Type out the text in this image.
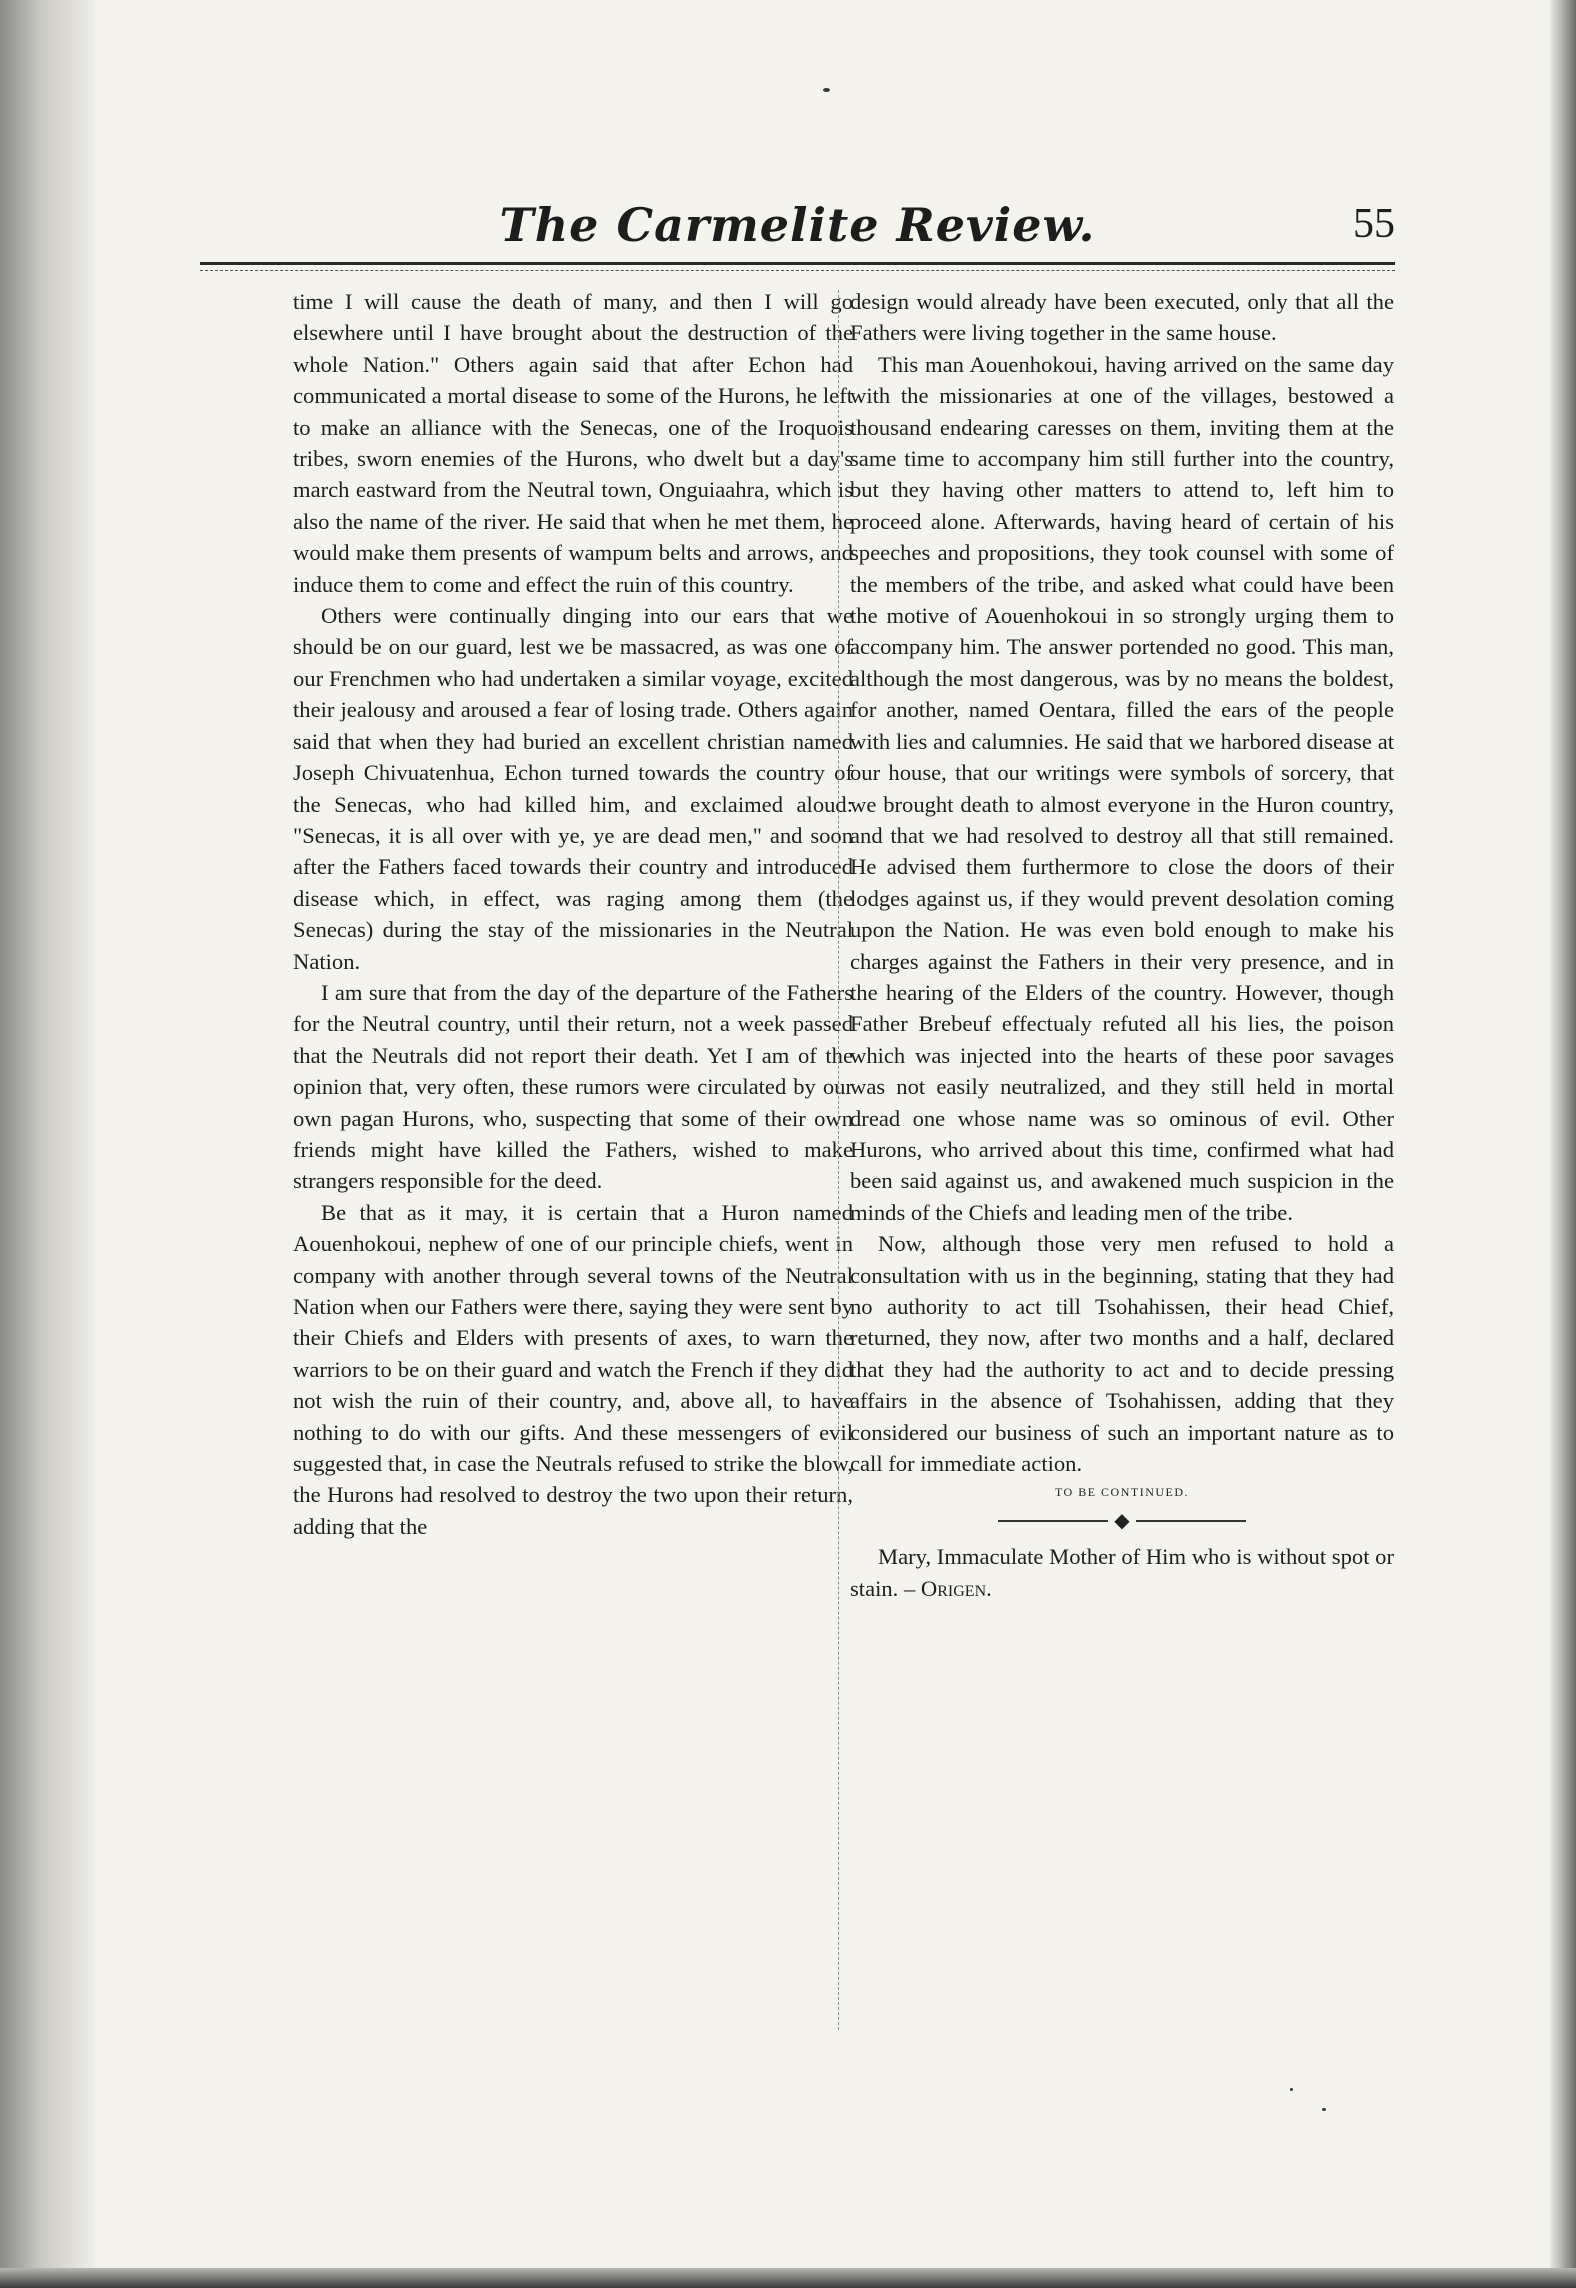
The Carmelite Review.	55

time I will cause the death of many, and then I will go elsewhere until I have brought about the destruction of the whole Nation." Others again said that after Echon had communicated a mortal disease to some of the Hurons, he left to make an alliance with the Senecas, one of the Iroquois tribes, sworn enemies of the Hurons, who dwelt but a day's march eastward from the Neutral town, Onguiaahra, which is also the name of the river. He said that when he met them, he would make them presents of wampum belts and arrows, and induce them to come and effect the ruin of this country.

Others were continually dinging into our ears that we should be on our guard, lest we be massacred, as was one of our Frenchmen who had undertaken a similar voyage, excited their jealousy and aroused a fear of losing trade. Others again said that when they had buried an excellent christian named Joseph Chivuatenhua, Echon turned towards the country of the Senecas, who had killed him, and exclaimed aloud: "Senecas, it is all over with ye, ye are dead men," and soon after the Fathers faced towards their country and introduced disease which, in effect, was raging among them (the Senecas) during the stay of the missionaries in the Neutral Nation.

I am sure that from the day of the departure of the Fathers for the Neutral country, until their return, not a week passed that the Neutrals did not report their death. Yet I am of the opinion that, very often, these rumors were circulated by our own pagan Hurons, who, suspecting that some of their own friends might have killed the Fathers, wished to make strangers responsible for the deed.

Be that as it may, it is certain that a Huron named Aouenhokoui, nephew of one of our principle chiefs, went in company with another through several towns of the Neutral Nation when our Fathers were there, saying they were sent by their Chiefs and Elders with presents of axes, to warn the warriors to be on their guard and watch the French if they did not wish the ruin of their country, and, above all, to have nothing to do with our gifts. And these messengers of evil suggested that, in case the Neutrals refused to strike the blow, the Hurons had resolved to destroy the two upon their return, adding that the

design would already have been executed, only that all the Fathers were living together in the same house.

This man Aouenhokoui, having arrived on the same day with the missionaries at one of the villages, bestowed a thousand endearing caresses on them, inviting them at the same time to accompany him still further into the country, but they having other matters to attend to, left him to proceed alone. Afterwards, having heard of certain of his speeches and propositions, they took counsel with some of the members of the tribe, and asked what could have been the motive of Aouenhokoui in so strongly urging them to accompany him. The answer portended no good. This man, although the most dangerous, was by no means the boldest, for another, named Oentara, filled the ears of the people with lies and calumnies. He said that we harbored disease at our house, that our writings were symbols of sorcery, that we brought death to almost everyone in the Huron country, and that we had resolved to destroy all that still remained. He advised them furthermore to close the doors of their lodges against us, if they would prevent desolation coming upon the Nation. He was even bold enough to make his charges against the Fathers in their very presence, and in the hearing of the Elders of the country. However, though Father Brebeuf effectualy refuted all his lies, the poison which was injected into the hearts of these poor savages was not easily neutralized, and they still held in mortal dread one whose name was so ominous of evil. Other Hurons, who arrived about this time, confirmed what had been said against us, and awakened much suspicion in the minds of the Chiefs and leading men of the tribe.

Now, although those very men refused to hold a consultation with us in the beginning, stating that they had no authority to act till Tsohahissen, their head Chief, returned, they now, after two months and a half, declared that they had the authority to act and to decide pressing affairs in the absence of Tsohahissen, adding that they considered our business of such an important nature as to call for immediate action.

TO BE CONTINUED.
◆

Mary, Immaculate Mother of Him who is without spot or stain. – Origen.
